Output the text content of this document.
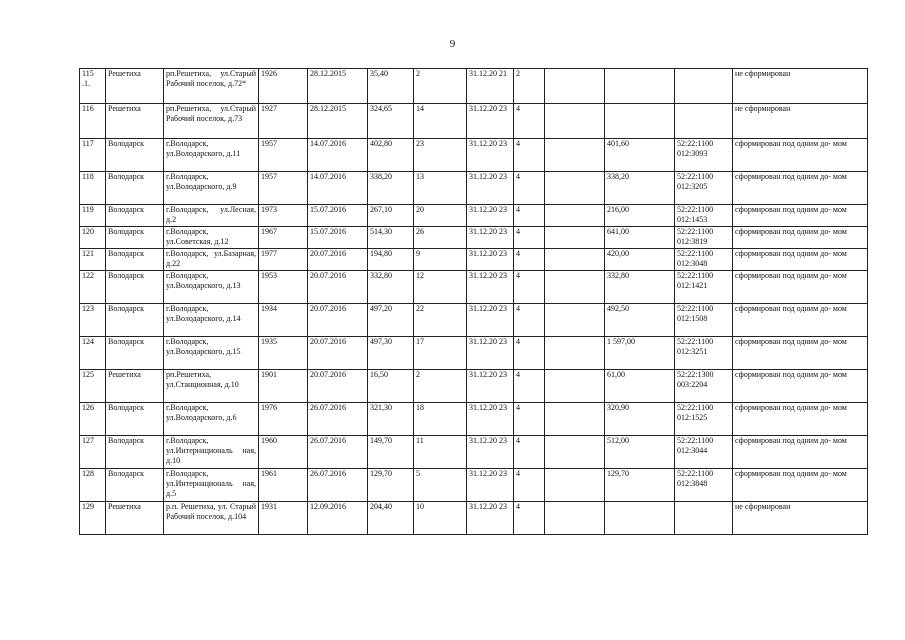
9
115 .1.	Решетиха	рп.Решетиха, ул.Старый Рабочий поселок, д.72*	1926	28.12.2015	35,40	2	31.12.20 21	2				не сформирован
116	Решетиха	рп.Решетиха, ул.Старый Рабочий поселок, д.73	1927	28.12.2015	324,65	14	31.12.20 23	4				не сформирован
117	Володарск	г.Володарск, ул.Володарского, д.11	1957	14.07.2016	402,80	23	31.12.20 23	4		401,60	52:22:1100 012:3093	сформирован под одним до- мом
118	Володарск	г.Володарск, ул.Володарского, д.9	1957	14.07.2016	338,20	13	31.12.20 23	4		338,20	52:22:1100 012:3205	сформирован под одним до- мом
119	Володарск	г.Володарск, ул.Лесная, д.2	1973	15.07.2016	267,10	20	31.12.20 23	4		216,00	52:22:1100 012:1453	сформирован под одним до- мом
120	Володарск	г.Володарск, ул.Советская, д.12	1967	15.07.2016	514,30	26	31.12.20 23	4		641,00	52:22:1100 012:3819	сформирован под одним до- мом
121	Володарск	г.Володарск, ул.Базарная, д.22	1977	20.07.2016	194,80	9	31.12.20 23	4		420,00	52:22:1100 012:3048	сформирован под одним до- мом
122	Володарск	г.Володарск, ул.Володарского, д.13	1953	20.07.2016	332,80	12	31.12.20 23	4		332,80	52:22:1100 012:1421	сформирован под одним до- мом
123	Володарск	г.Володарск, ул.Володарского, д.14	1934	20.07.2016	497,20	22	31.12.20 23	4		492,50	52:22:1100 012:1508	сформирован под одним до- мом
124	Володарск	г.Володарск, ул.Володарского, д.15	1935	20.07.2016	497,30	17	31.12.20 23	4		1 597,00	52:22:1100 012:3251	сформирован под одним до- мом
125	Решетиха	рп.Решетиха, ул.Станционная, д.10	1901	20.07.2016	16,50	2	31.12.20 23	4		61,00	52:22:1300 003:2204	сформирован под одним до- мом
126	Володарск	г.Володарск, ул.Володарского, д.6	1976	26.07.2016	321,30	18	31.12.20 23	4		320,90	52:22:1100 012:1525	сформирован под одним до- мом
127	Володарск	г.Володарск, ул.Интернациональ ная, д.10	1960	26.07.2016	149,70	11	31.12.20 23	4		512,00	52:22:1100 012:3044	сформирован под одним до- мом
128	Володарск	г.Володарск, ул.Интернациональ ная, д.5	1961	26.07.2016	129,70	5	31.12.20 23	4		129,70	52:22:1100 012:3848	сформирован под одним до- мом
129	Решетиха	р.п. Решетиха, ул. Старый Рабочий поселок, д.104	1931	12.09.2016	204,40	10	31.12.20 23	4				не сформирован
